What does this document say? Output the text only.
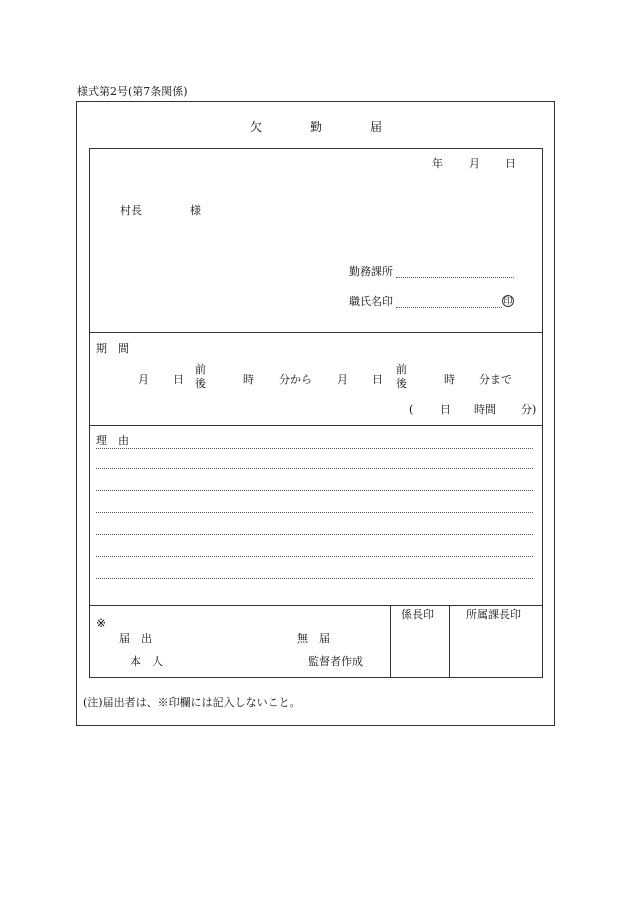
様式第2号(第7条関係)
欠	勤	届
年 月 日
村長	様
勤務課所
職氏名印	印
期　間
月 日
前
後	時 分から 月 日
前
後	時 分まで
( 日 時間 分)
理　由
※
届　出	無　届
本　人	監督者作成
係長印	所属課長印
(注)届出者は、※印欄には記入しないこと。
